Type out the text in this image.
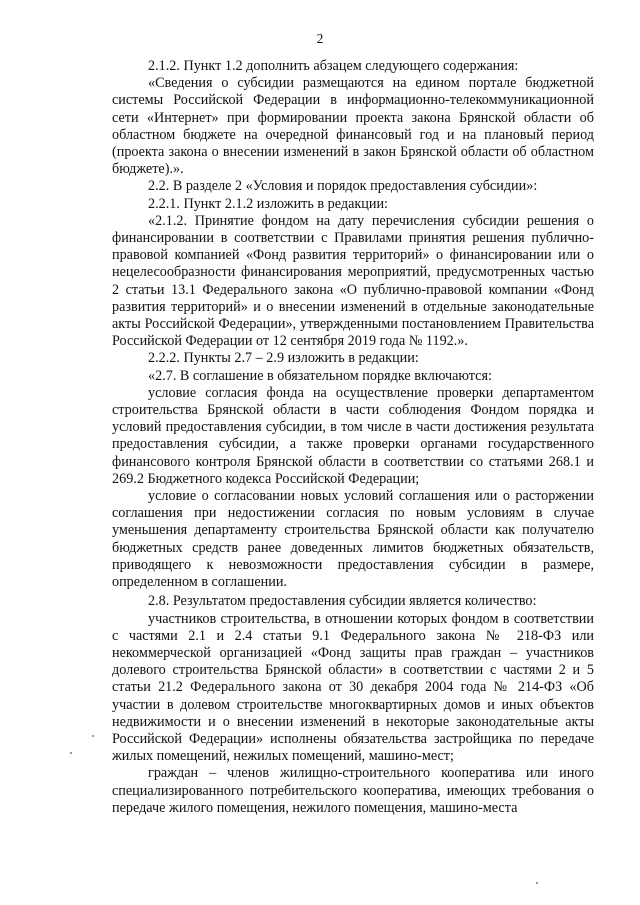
2

2.1.2. Пункт 1.2 дополнить абзацем следующего содержания:

«Сведения о субсидии размещаются на едином портале бюджетной системы Российской Федерации в информационно-телекоммуникационной сети «Интернет» при формировании проекта закона Брянской области об областном бюджете на очередной финансовый год и на плановый период (проекта закона о внесении изменений в закон Брянской области об областном бюджете).».

2.2. В разделе 2 «Условия и порядок предоставления субсидии»:

2.2.1. Пункт 2.1.2 изложить в редакции:

«2.1.2. Принятие фондом на дату перечисления субсидии решения о финансировании в соответствии с Правилами принятия решения публично-правовой компанией «Фонд развития территорий» о финансировании или о нецелесообразности финансирования мероприятий, предусмотренных частью 2 статьи 13.1 Федерального закона «О публично-правовой компании «Фонд развития территорий» и о внесении изменений в отдельные законодательные акты Российской Федерации», утвержденными постановлением Правительства Российской Федерации от 12 сентября 2019 года № 1192.».

2.2.2. Пункты 2.7 – 2.9 изложить в редакции:

«2.7. В соглашение в обязательном порядке включаются:

условие согласия фонда на осуществление проверки департаментом строительства Брянской области в части соблюдения Фондом порядка и условий предоставления субсидии, в том числе в части достижения результата предоставления субсидии, а также проверки органами государственного финансового контроля Брянской области в соответствии со статьями 268.1 и 269.2 Бюджетного кодекса Российской Федерации;

условие о согласовании новых условий соглашения или о расторжении соглашения при недостижении согласия по новым условиям в случае уменьшения департаменту строительства Брянской области как получателю бюджетных средств ранее доведенных лимитов бюджетных обязательств, приводящего к невозможности предоставления субсидии в размере, определенном в соглашении.

2.8. Результатом предоставления субсидии является количество:

участников строительства, в отношении которых фондом в соответствии с частями 2.1 и 2.4 статьи 9.1 Федерального закона № 218-ФЗ или некоммерческой организацией «Фонд защиты прав граждан – участников долевого строительства Брянской области» в соответствии с частями 2 и 5 статьи 21.2 Федерального закона от 30 декабря 2004 года № 214-ФЗ «Об участии в долевом строительстве многоквартирных домов и иных объектов недвижимости и о внесении изменений в некоторые законодательные акты Российской Федерации» исполнены обязательства застройщика по передаче жилых помещений, нежилых помещений, машино-мест;

граждан – членов жилищно-строительного кооператива или иного специализированного потребительского кооператива, имеющих требования о передаче жилого помещения, нежилого помещения, машино-места
